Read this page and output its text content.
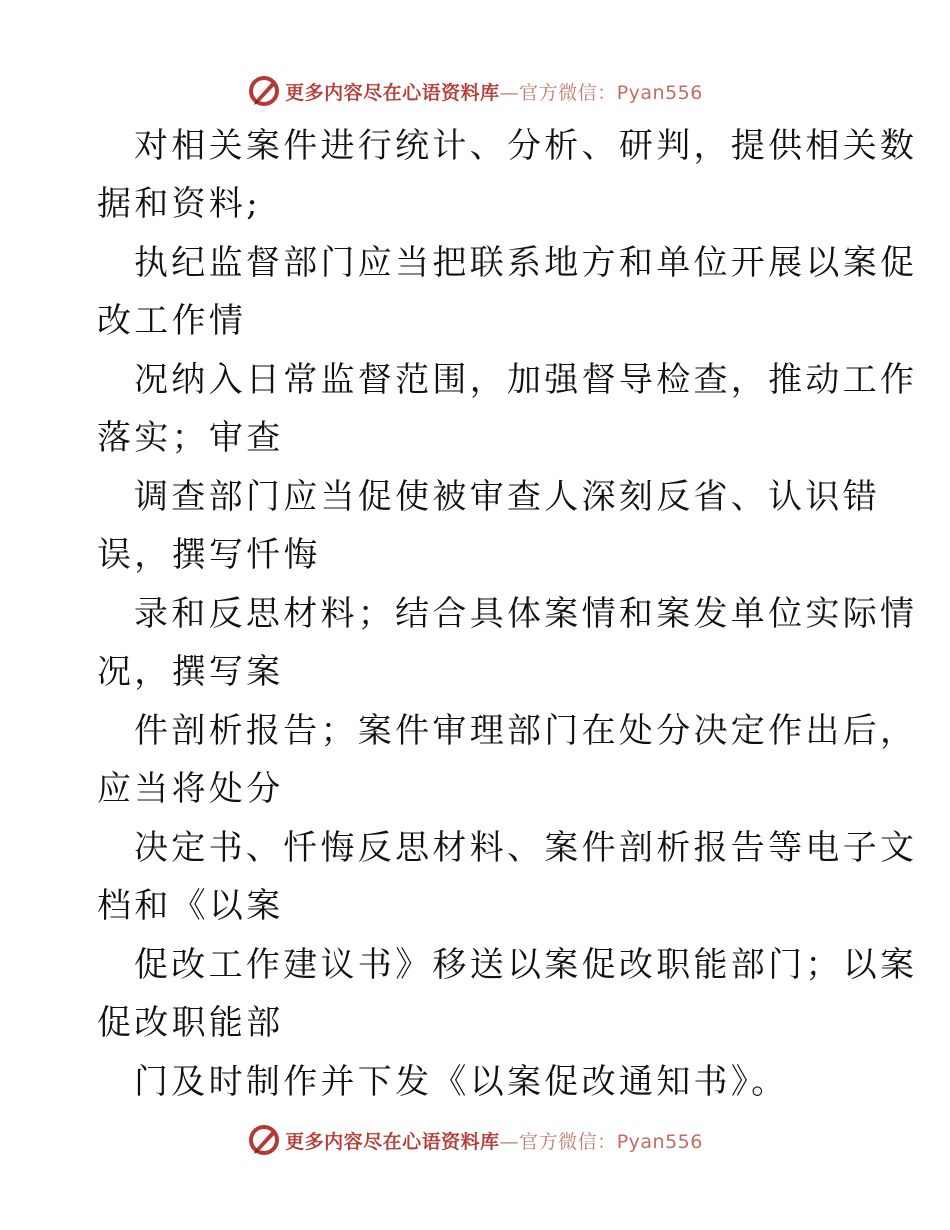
更多内容尽在心语资料库—官方微信：Pyan556
对相关案件进行统计、分析、研判，提供相关数
据和资料;
执纪监督部门应当把联系地方和单位开展以案促
改工作情
况纳入日常监督范围，加强督导检查，推动工作
落实；审查
调查部门应当促使被审查人深刻反省、认识错
误，撰写忏悔
录和反思材料；结合具体案情和案发单位实际情
况，撰写案
件剖析报告；案件审理部门在处分决定作出后，
应当将处分
决定书、忏悔反思材料、案件剖析报告等电子文
档和《以案
促改工作建议书》移送以案促改职能部门；以案
促改职能部
门及时制作并下发《以案促改通知书》。
更多内容尽在心语资料库—官方微信：Pyan556
